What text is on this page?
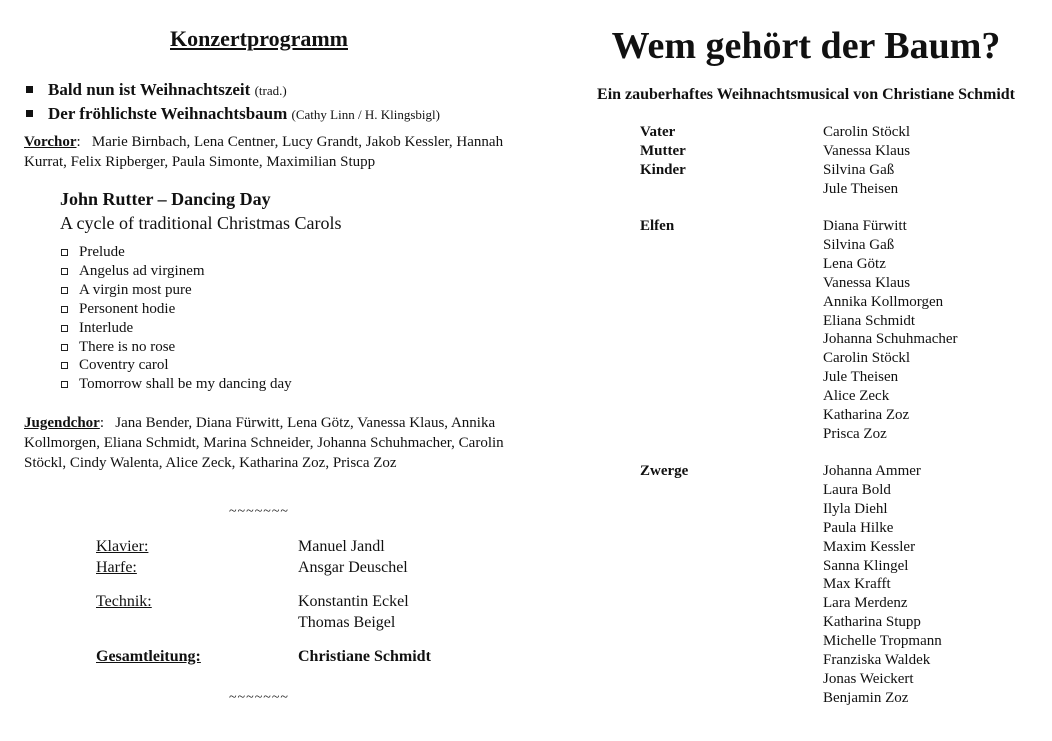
Konzertprogramm
Bald nun ist Weihnachtszeit (trad.)
Der fröhlichste Weihnachtsbaum (Cathy Linn / H. Klingsbigl)
Vorchor:   Marie Birnbach, Lena Centner, Lucy Grandt, Jakob Kessler, Hannah Kurrat, Felix Ripberger, Paula Simonte, Maximilian Stupp
John Rutter – Dancing Day
A cycle of traditional Christmas Carols
Prelude
Angelus ad virginem
A virgin most pure
Personent hodie
Interlude
There is no rose
Coventry carol
Tomorrow shall be my dancing day
Jugendchor:   Jana Bender, Diana Fürwitt, Lena Götz, Vanessa Klaus, Annika Kollmorgen, Eliana Schmidt, Marina Schneider, Johanna Schuhmacher, Carolin Stöckl, Cindy Walenta, Alice Zeck, Katharina Zoz, Prisca Zoz
~~~~~~~
Klavier:	Manuel Jandl
Harfe:	Ansgar Deuschel
Technik:	Konstantin Eckel
Thomas Beigel
Gesamtleitung:	Christiane Schmidt
~~~~~~~
Wem gehört der Baum?
Ein zauberhaftes Weihnachtsmusical von Christiane Schmidt
Vater	Carolin Stöckl
Mutter	Vanessa Klaus
Kinder	Silvina Gaß
Jule Theisen
Elfen	Diana Fürwitt
Silvina Gaß
Lena Götz
Vanessa Klaus
Annika Kollmorgen
Eliana Schmidt
Johanna Schuhmacher
Carolin Stöckl
Jule Theisen
Alice Zeck
Katharina Zoz
Prisca Zoz
Zwerge	Johanna Ammer
Laura Bold
Ilyla Diehl
Paula Hilke
Maxim Kessler
Sanna Klingel
Max Krafft
Lara Merdenz
Katharina Stupp
Michelle Tropmann
Franziska Waldek
Jonas Weickert
Benjamin Zoz
